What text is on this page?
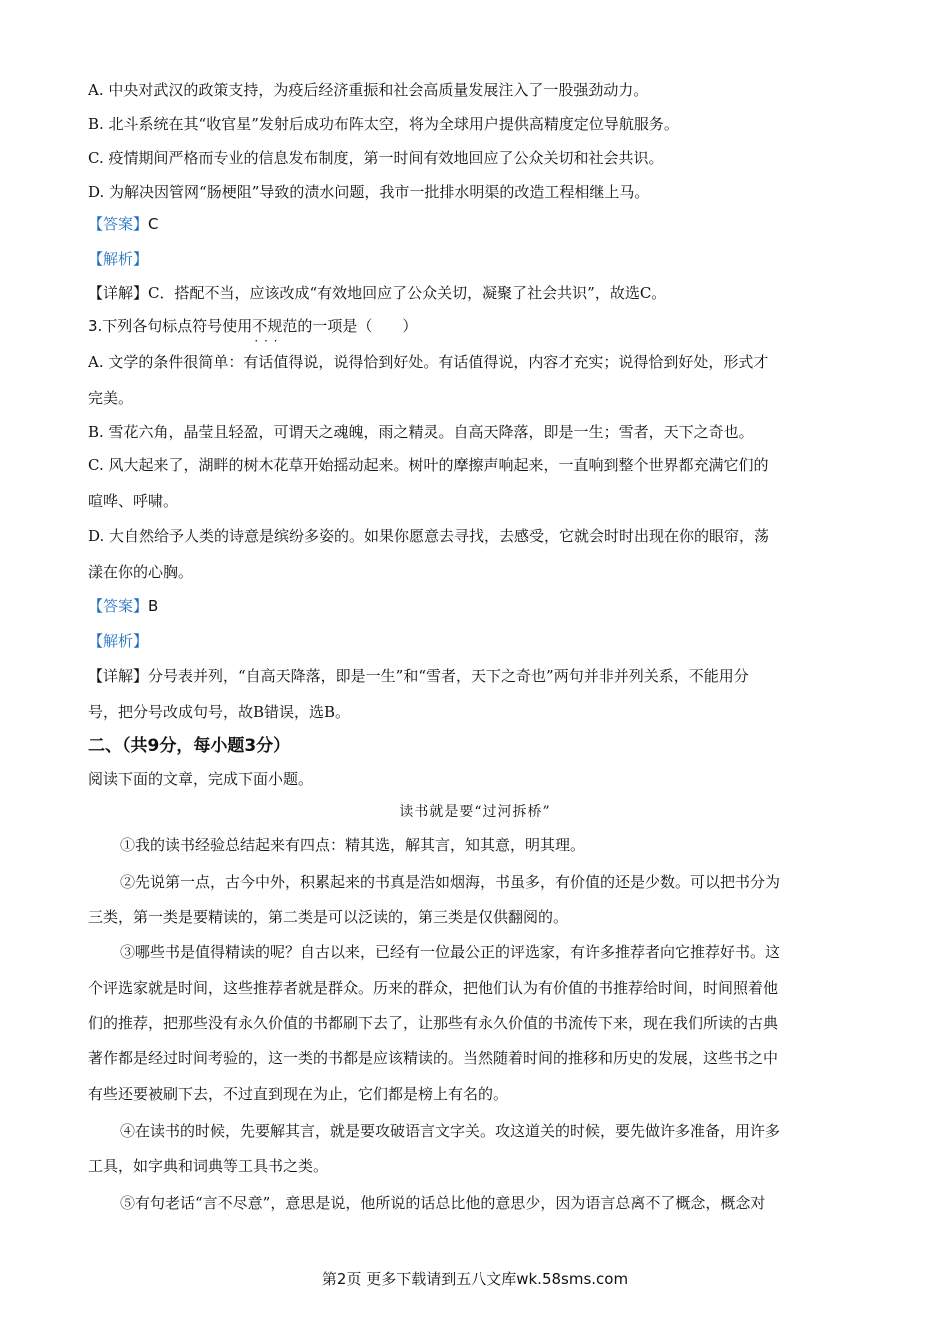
A. 中央对武汉的政策支持，为疫后经济重振和社会高质量发展注入了一股强劲动力。
B. 北斗系统在其“收官星”发射后成功布阵太空，将为全球用户提供高精度定位导航服务。
C. 疫情期间严格而专业的信息发布制度，第一时间有效地回应了公众关切和社会共识。
D. 为解决因管网“肠梗阻”导致的渍水问题，我市一批排水明渠的改造工程相继上马。
【答案】C
【解析】
【详解】C．搭配不当，应该改成“有效地回应了公众关切，凝聚了社会共识”，故选C。
3.下列各句标点符号使用不规范 · · ·的一项是（　　）
A. 文学的条件很简单：有话值得说，说得恰到好处。有话值得说，内容才充实；说得恰到好处，形式才
完美。
B. 雪花六角，晶莹且轻盈，可谓天之魂魄，雨之精灵。自高天降落，即是一生；雪者，天下之奇也。
C. 风大起来了，湖畔的树木花草开始摇动起来。树叶的摩擦声响起来，一直响到整个世界都充满它们的
喧哗、呼啸。
D. 大自然给予人类的诗意是缤纷多姿的。如果你愿意去寻找，去感受，它就会时时出现在你的眼帘，荡
漾在你的心胸。
【答案】B
【解析】
【详解】分号表并列，“自高天降落，即是一生”和“雪者，天下之奇也”两句并非并列关系，不能用分
号，把分号改成句号，故B错误，选B。
二、（共9分，每小题3分）
阅读下面的文章，完成下面小题。
读书就是要“过河拆桥”
①我的读书经验总结起来有四点：精其选，解其言，知其意，明其理。
②先说第一点，古今中外，积累起来的书真是浩如烟海，书虽多，有价值的还是少数。可以把书分为
三类，第一类是要精读的，第二类是可以泛读的，第三类是仅供翻阅的。
③哪些书是值得精读的呢？自古以来，已经有一位最公正的评选家，有许多推荐者向它推荐好书。这
个评选家就是时间，这些推荐者就是群众。历来的群众，把他们认为有价值的书推荐给时间，时间照着他
们的推荐，把那些没有永久价值的书都刷下去了，让那些有永久价值的书流传下来，现在我们所读的古典
著作都是经过时间考验的，这一类的书都是应该精读的。当然随着时间的推移和历史的发展，这些书之中
有些还要被刷下去，不过直到现在为止，它们都是榜上有名的。
④在读书的时候，先要解其言，就是要攻破语言文字关。攻这道关的时候，要先做许多准备，用许多
工具，如字典和词典等工具书之类。
⑤有句老话“言不尽意”，意思是说，他所说的话总比他的意思少，因为语言总离不了概念，概念对
第2页 更多下载请到五八文库wk.58sms.com
